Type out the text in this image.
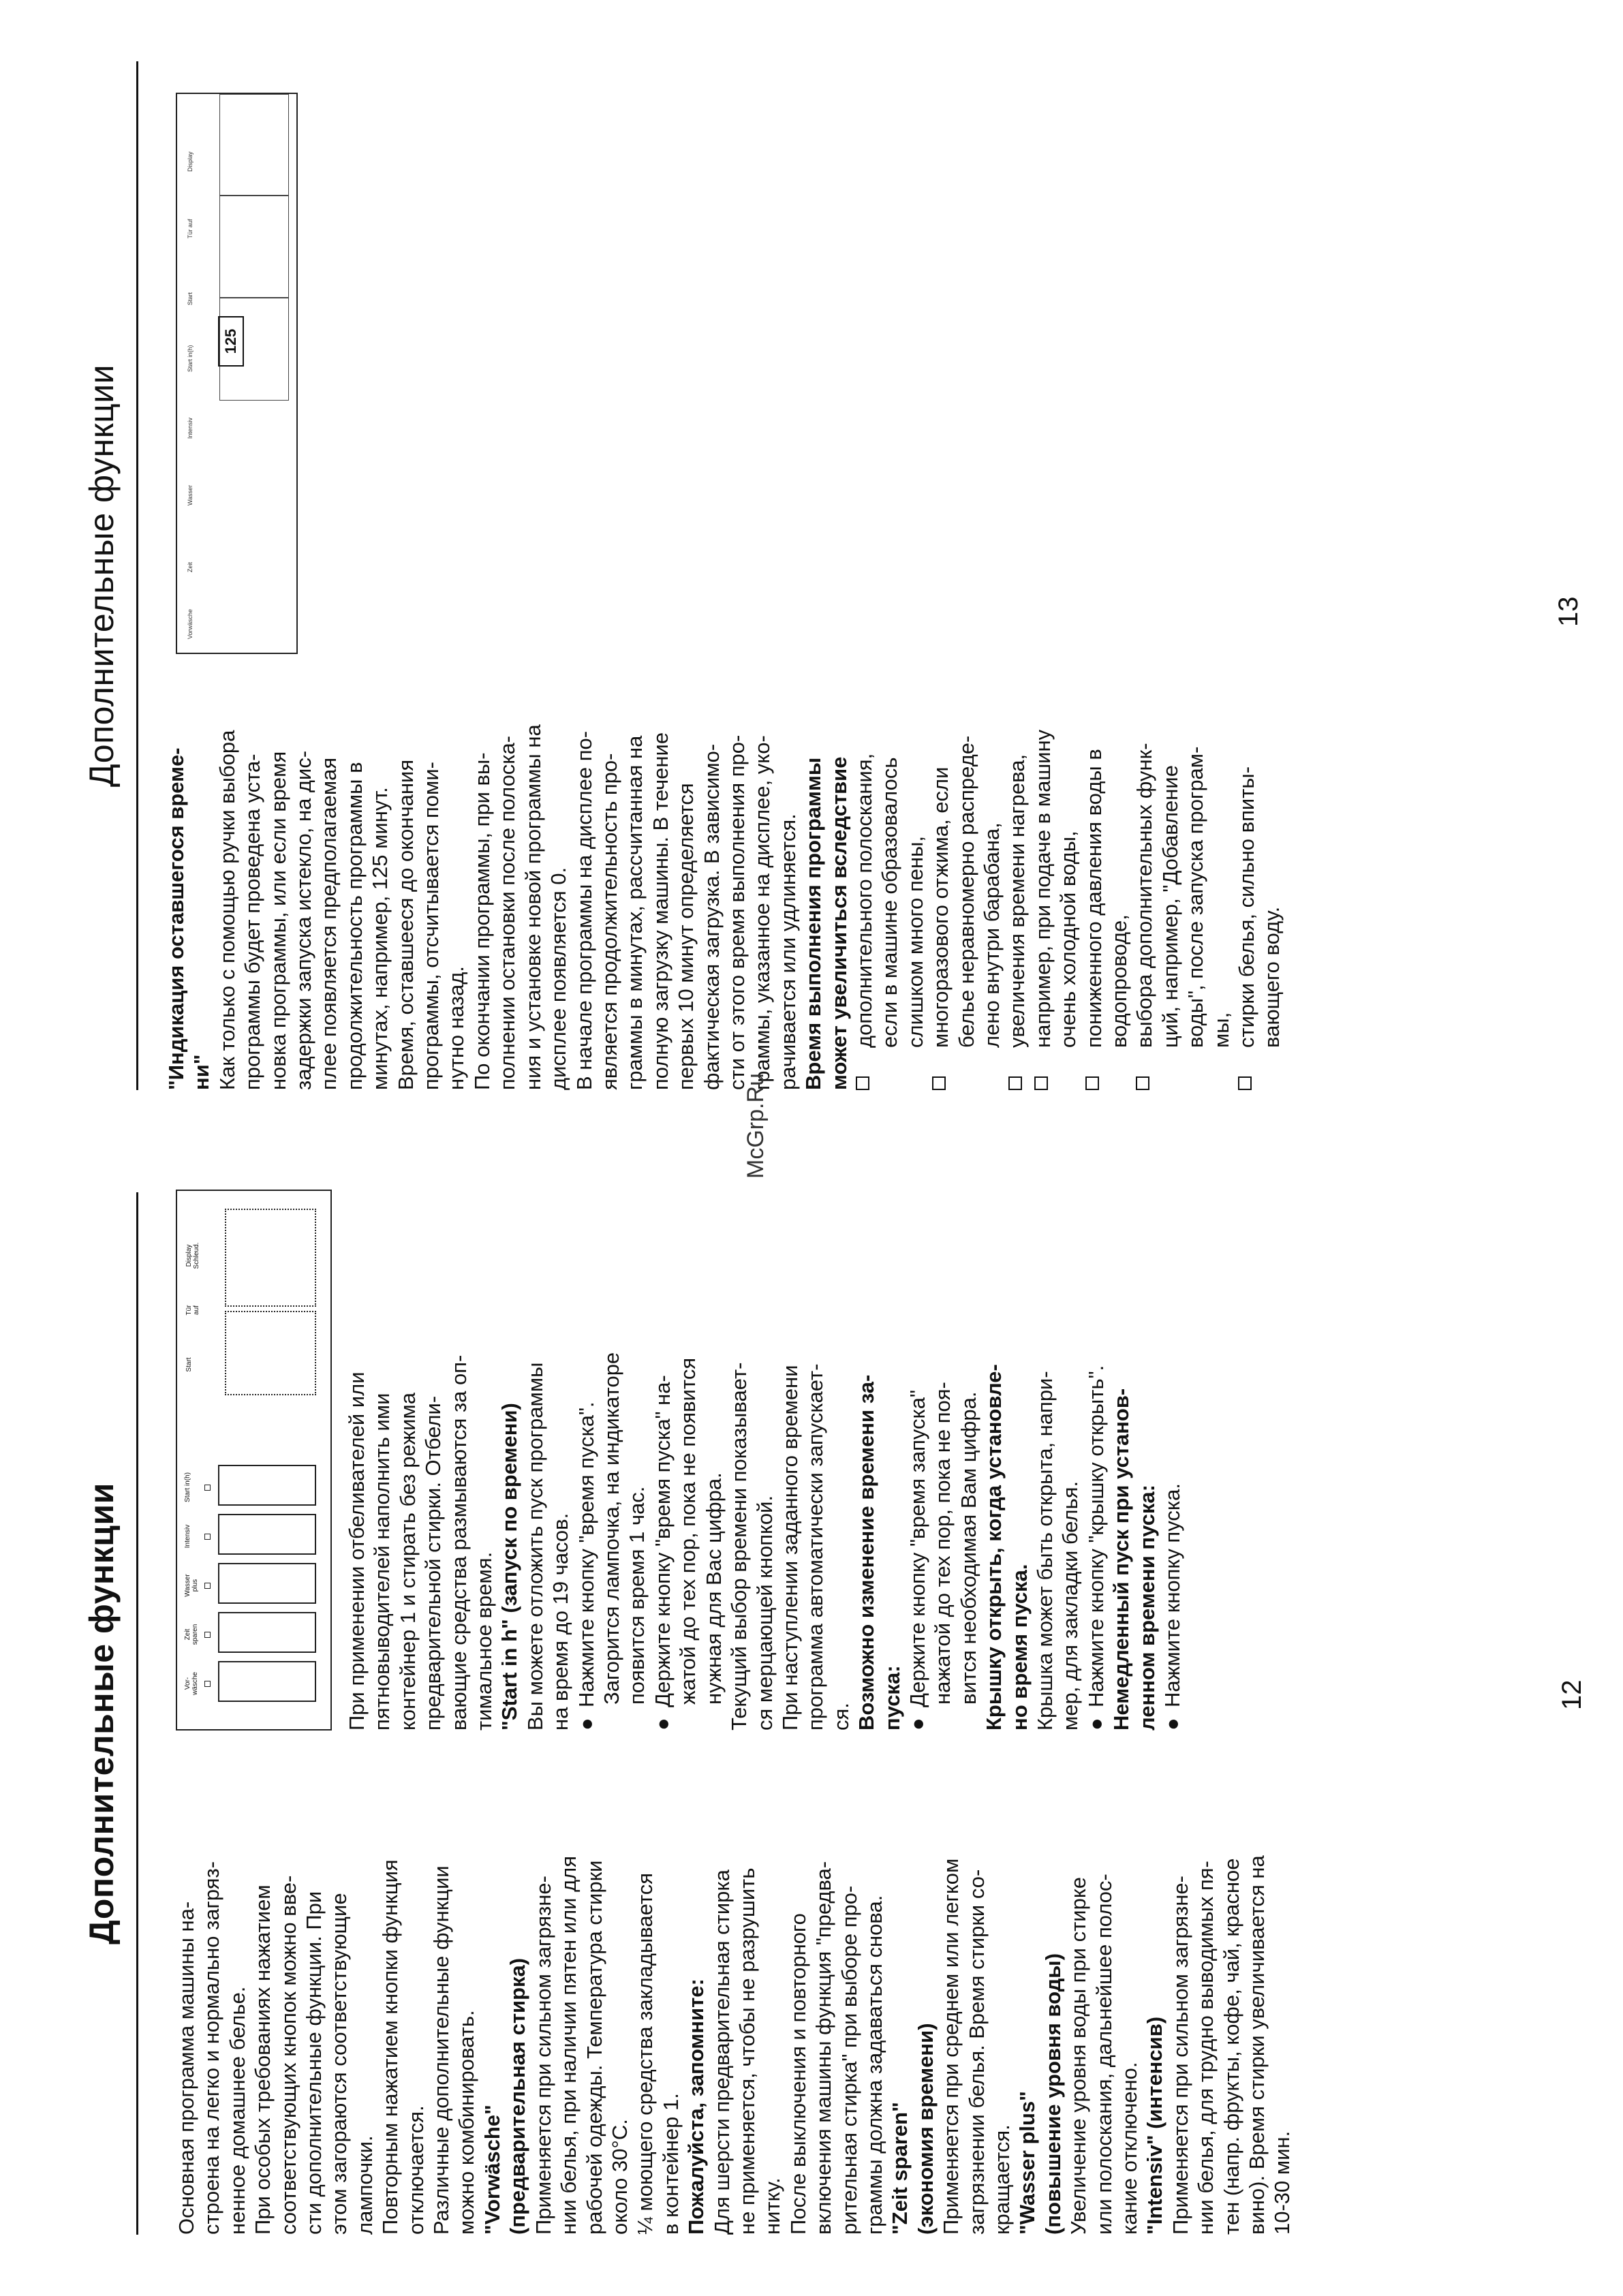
Дополнительные функции

Основная программа машины на- строена на легко и нормально загряз- ненное домашнее белье. При особых требованиях нажатием соответствующих кнопок можно вве- сти дополнительные функции. При этом загораются соответствующие лампочки. Повторным нажатием кнопки функция отключается. Различные дополнительные функции можно комбинировать. "Vorwäsche" (предварительная стирка) Применяется при сильном загрязне- нии белья, при наличии пятен или для рабочей одежды. Температура стирки около 30°С. ¼ моющего средства закладывается в контейнер 1. Пожалуйста, запомните: Для шерсти предварительная стирка не применяется, чтобы не разрушить нитку. После выключения и повторного включения машины функция "предва- рительная стирка" при выборе про- граммы должна задаваться снова. "Zeit sparen" (экономия времени) Применяется при среднем или легком загрязнении белья. Время стирки со- кращается. "Wasser plus" (повышение уровня воды) Увеличение уровня воды при стирке или полоскания, дальнейшее полос- кание отключено. "Intensiv" (интенсив) Применяется при сильном загрязне- нии белья, для трудно выводимых пя- тен (напр. фрукты, кофе, чай, красное вино). Время стирки увеличивается на 10-30 мин.

Vor-
wäsche
Zeit
sparen
Wasser
plus
Intensiv
Start in(h)
Start
Tür
auf
Display
Schleud.

При применении отбеливателей или пятновыводителей наполнить ими контейнер 1 и стирать без режима предварительной стирки. Отбели- вающие средства размываются за оп- тимальное время. "Start in h" (запуск по времени) Вы можете отложить пуск программы на время до 19 часов. ●
Нажмите кнопку "время пуска". Загорится лампочка, на индикаторе появится время 1 час.

●
Держите кнопку "время пуска" на- жатой до тех пор, пока не появится нужная для Вас цифра. Текущий выбор времени показывает- ся мерцающей кнопкой. При наступлении заданного времени программа автоматически запускает- ся. Возможно изменение времени за- пуска: ●
Держите кнопку "время запуска" нажатой до тех пор, пока не поя- вится необходимая Вам цифра. Крышку открыть, когда установле- но время пуска. Крышка может быть открыта, напри- мер, для закладки белья. ●
Нажмите кнопку "крышку открыть". Немедленный пуск при установ- ленном времени пуска: ●
Нажмите кнопку пуска.	12
Дополнительные функции	Vorwäsche
Zeit
Wasser
Intensiv
Start in(h)
Start
Tür auf
Display
125

"Индикация оставшегося време- ни" Как только с помощью ручки выбора программы будет проведена уста- новка программы, или если время задержки запуска истекло, на дис- плее появляется предполагаемая продолжительность программы в минутах, например, 125 минут. Время, оставшееся до окончания программы, отсчитывается поми- нутно назад. По окончании программы, при вы- полнении остановки после полоска- ния и установке новой программы на дисплее появляется 0. В начале программы на дисплее по- является продолжительность про- граммы в минутах, рассчитанная на полную загрузку машины. В течение первых 10 минут определяется фактическая загрузка. В зависимо- сти от этого время выполнения про- граммы, указанное на дисплее, уко- рачивается или удлиняется. Время выполнения программы может увеличиться вследствие дополнительного полоскания, если в машине образовалось слишком много пены, многоразового отжима, если белье неравномерно распреде- лено внутри барабана, увеличения времени нагрева, например, при подаче в машину очень холодной воды, пониженного давления воды в водопроводе, выбора дополнительных функ- ций, например, "Добавление воды", после запуска програм- мы, стирки белья, сильно впиты- вающего воду.

13
McGrp.Ru
